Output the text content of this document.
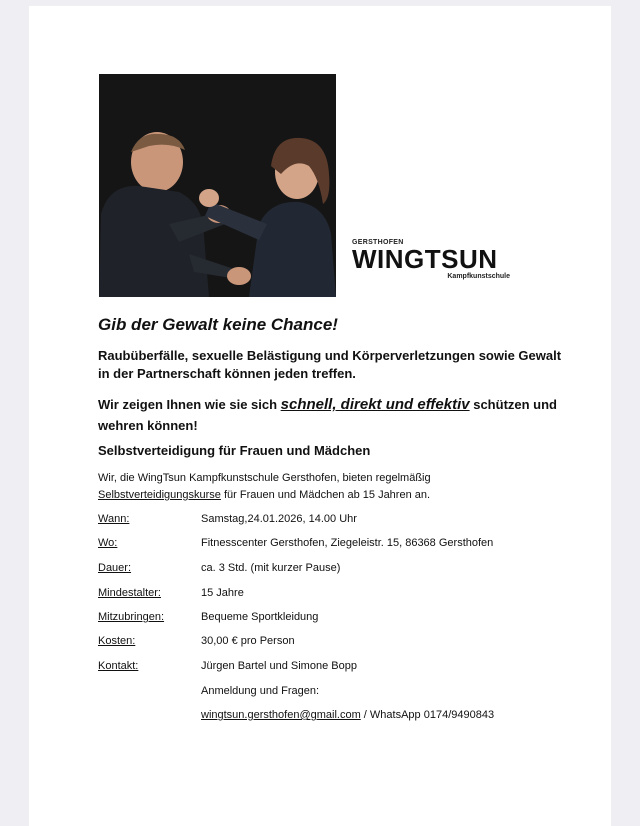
GERSTHOFEN
WINGTSUN
Kampfkunstschule
Gib der Gewalt keine Chance!
Raubüberfälle, sexuelle Belästigung und Körperverletzungen sowie Gewalt in der Partnerschaft können jeden treffen.
Wir zeigen Ihnen wie sie sich schnell, direkt und effektiv schützen und wehren können!
Selbstverteidigung für Frauen und Mädchen
Wir, die WingTsun Kampfkunstschule Gersthofen, bieten regelmäßig
Selbstverteidigungskurse für Frauen und Mädchen ab 15 Jahren an.
Wann:	Samstag,24.01.2026, 14.00 Uhr
Wo:	Fitnesscenter Gersthofen, Ziegeleistr. 15, 86368 Gersthofen
Dauer:	ca. 3 Std. (mit kurzer Pause)
Mindestalter:	15 Jahre
Mitzubringen:	Bequeme Sportkleidung
Kosten:	30,00 € pro Person
Kontakt:	Jürgen Bartel und Simone Bopp
Anmeldung und Fragen:
wingtsun.gersthofen@gmail.com / WhatsApp 0174/9490843
